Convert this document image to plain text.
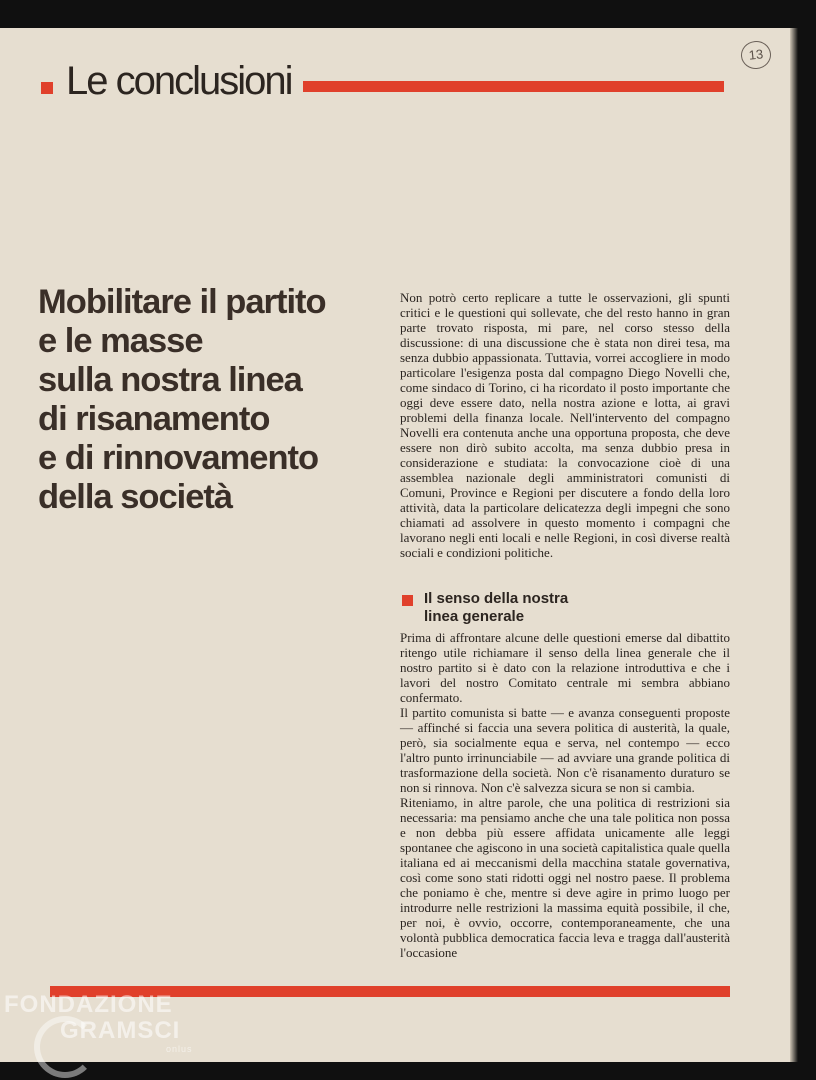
Le conclusioni
13
Mobilitare il partito
e le masse
sulla nostra linea
di risanamento
e di rinnovamento
della società

Non potrò certo replicare a tutte le osservazioni, gli spunti critici e le questioni qui sollevate, che del resto hanno in gran parte trovato risposta, mi pare, nel corso stesso della discussione: di una discussione che è stata non direi tesa, ma senza dubbio appassionata. Tuttavia, vorrei accogliere in modo particolare l'esigenza posta dal compagno Diego Novelli che, come sindaco di Torino, ci ha ricordato il posto importante che oggi deve essere dato, nella nostra azione e lotta, ai gravi problemi della finanza locale. Nell'intervento del compagno Novelli era contenuta anche una opportuna proposta, che deve essere non dirò subito accolta, ma senza dubbio presa in considerazione e studiata: la convocazione cioè di una assemblea nazionale degli amministratori comunisti di Comuni, Province e Regioni per discutere a fondo della loro attività, data la particolare delicatezza degli impegni che sono chiamati ad assolvere in questo momento i compagni che lavorano negli enti locali e nelle Regioni, in così diverse realtà sociali e condizioni politiche.

Il senso della nostra
linea generale

Prima di affrontare alcune delle questioni emerse dal dibattito ritengo utile richiamare il senso della linea generale che il nostro partito si è dato con la relazione introduttiva e che i lavori del nostro Comitato centrale mi sembra abbiano confermato.

Il partito comunista si batte — e avanza conseguenti proposte — affinché si faccia una severa politica di austerità, la quale, però, sia socialmente equa e serva, nel contempo — ecco l'altro punto irrinunciabile — ad avviare una grande politica di trasformazione della società. Non c'è risanamento duraturo se non si rinnova. Non c'è salvezza sicura se non si cambia.

Riteniamo, in altre parole, che una politica di restrizioni sia necessaria: ma pensiamo anche che una tale politica non possa e non debba più essere affidata unicamente alle leggi spontanee che agiscono in una società capitalistica quale quella italiana ed ai meccanismi della macchina statale governativa, così come sono stati ridotti oggi nel nostro paese. Il problema che poniamo è che, mentre si deve agire in primo luogo per introdurre nelle restrizioni la massima equità possibile, il che, per noi, è ovvio, occorre, contemporaneamente, che una volontà pubblica democratica faccia leva e tragga dall'austerità l'occasione

FONDAZIONE
GRAMSCI
onlus
